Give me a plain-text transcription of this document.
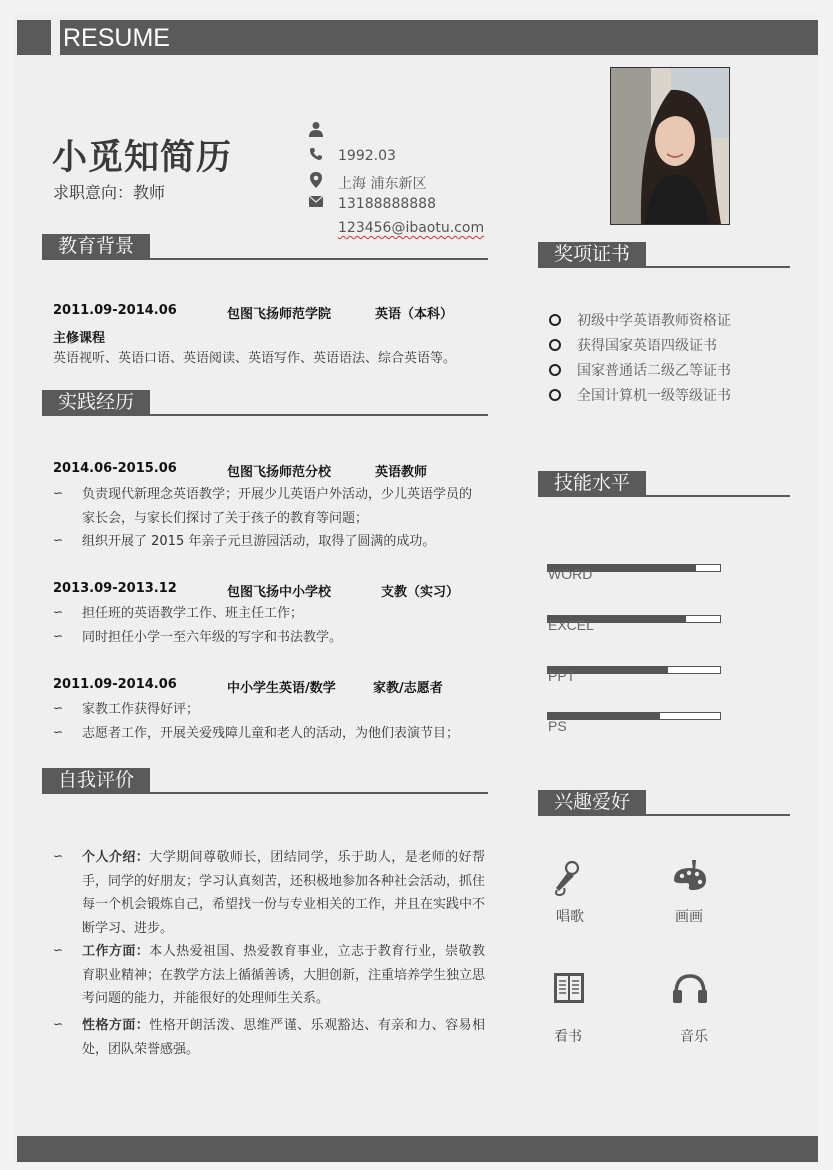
RESUME
小觅知简历
求职意向：教师
1992.03
上海 浦东新区
13188888888
123456@ibaotu.com
教育背景
2011.09-2014.06	包图飞扬师范学院	英语（本科）
主修课程
英语视听、英语口语、英语阅读、英语写作、英语语法、综合英语等。
实践经历
2014.06-2015.06	包图飞扬师范分校	英语教师
∽ 负责现代新理念英语教学；开展少儿英语户外活动，少儿英语学员的家长会，与家长们探讨了关于孩子的教育等问题；
∽ 组织开展了 2015 年亲子元旦游园活动，取得了圆满的成功。
2013.09-2013.12	包图飞扬中小学校	支教（实习）
∽ 担任班的英语教学工作、班主任工作；
∽ 同时担任小学一至六年级的写字和书法教学。
2011.09-2014.06	中小学生英语/数学	家教/志愿者
∽ 家教工作获得好评；
∽ 志愿者工作，开展关爱残障儿童和老人的活动，为他们表演节目；
自我评价
∽ 个人介绍：大学期间尊敬师长，团结同学，乐于助人，是老师的好帮手，同学的好朋友；学习认真刻苦，还积极地参加各种社会活动，抓住每一个机会锻炼自己，希望找一份与专业相关的工作，并且在实践中不断学习、进步。
∽ 工作方面：本人热爱祖国、热爱教育事业，立志于教育行业，崇敬教育职业精神；在教学方法上循循善诱，大胆创新，注重培养学生独立思考问题的能力，并能很好的处理师生关系。
∽ 性格方面：性格开朗活泼、思维严谨、乐观豁达、有亲和力、容易相处，团队荣誉感强。
奖项证书
初级中学英语教师资格证
获得国家英语四级证书
国家普通话二级乙等证书
全国计算机一级等级证书
技能水平
WORD
EXCEL
PPT
PS
兴趣爱好
唱歌	画画
看书	音乐
